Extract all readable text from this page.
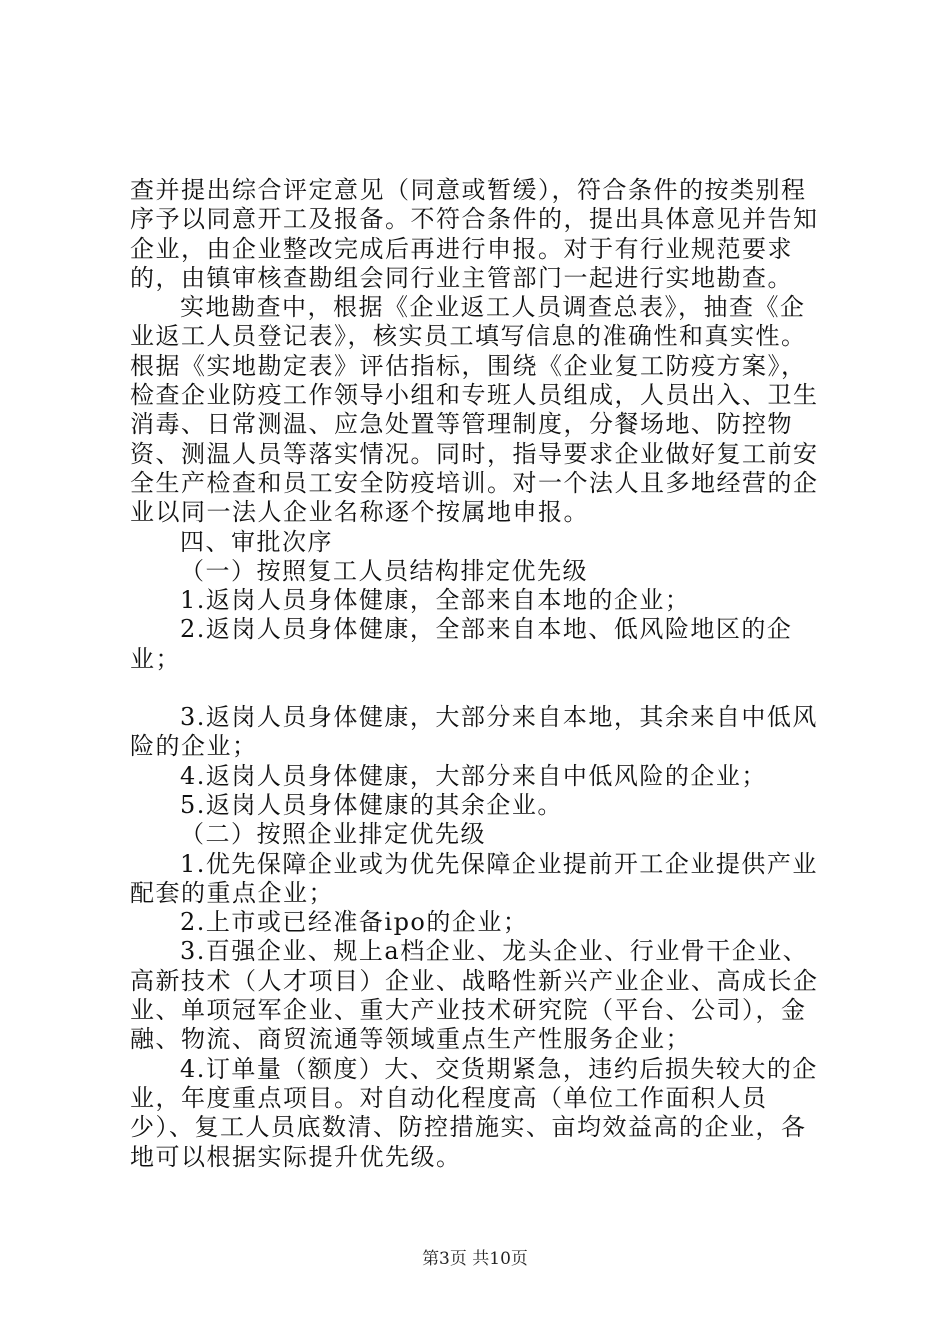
查并提出综合评定意见（同意或暂缓），符合条件的按类别程序予以同意开工及报备。不符合条件的，提出具体意见并告知企业，由企业整改完成后再进行申报。对于有行业规范要求的，由镇审核查勘组会同行业主管部门一起进行实地勘查。

实地勘查中，根据《企业返工人员调查总表》，抽查《企业返工人员登记表》，核实员工填写信息的准确性和真实性。根据《实地勘定表》评估指标，围绕《企业复工防疫方案》，检查企业防疫工作领导小组和专班人员组成，人员出入、卫生消毒、日常测温、应急处置等管理制度，分餐场地、防控物资、测温人员等落实情况。同时，指导要求企业做好复工前安全生产检查和员工安全防疫培训。对一个法人且多地经营的企业以同一法人企业名称逐个按属地申报。

四、审批次序

（一）按照复工人员结构排定优先级

1.返岗人员身体健康，全部来自本地的企业；

2.返岗人员身体健康，全部来自本地、低风险地区的企业；

3.返岗人员身体健康，大部分来自本地，其余来自中低风险的企业；

4.返岗人员身体健康，大部分来自中低风险的企业；

5.返岗人员身体健康的其余企业。

（二）按照企业排定优先级

1.优先保障企业或为优先保障企业提前开工企业提供产业配套的重点企业；

2.上市或已经准备ipo的企业；

3.百强企业、规上a档企业、龙头企业、行业骨干企业、高新技术（人才项目）企业、战略性新兴产业企业、高成长企业、单项冠军企业、重大产业技术研究院（平台、公司），金融、物流、商贸流通等领域重点生产性服务企业；

4.订单量（额度）大、交货期紧急，违约后损失较大的企业，年度重点项目。对自动化程度高（单位工作面积人员少）、复工人员底数清、防控措施实、亩均效益高的企业，各地可以根据实际提升优先级。

第3页 共10页
